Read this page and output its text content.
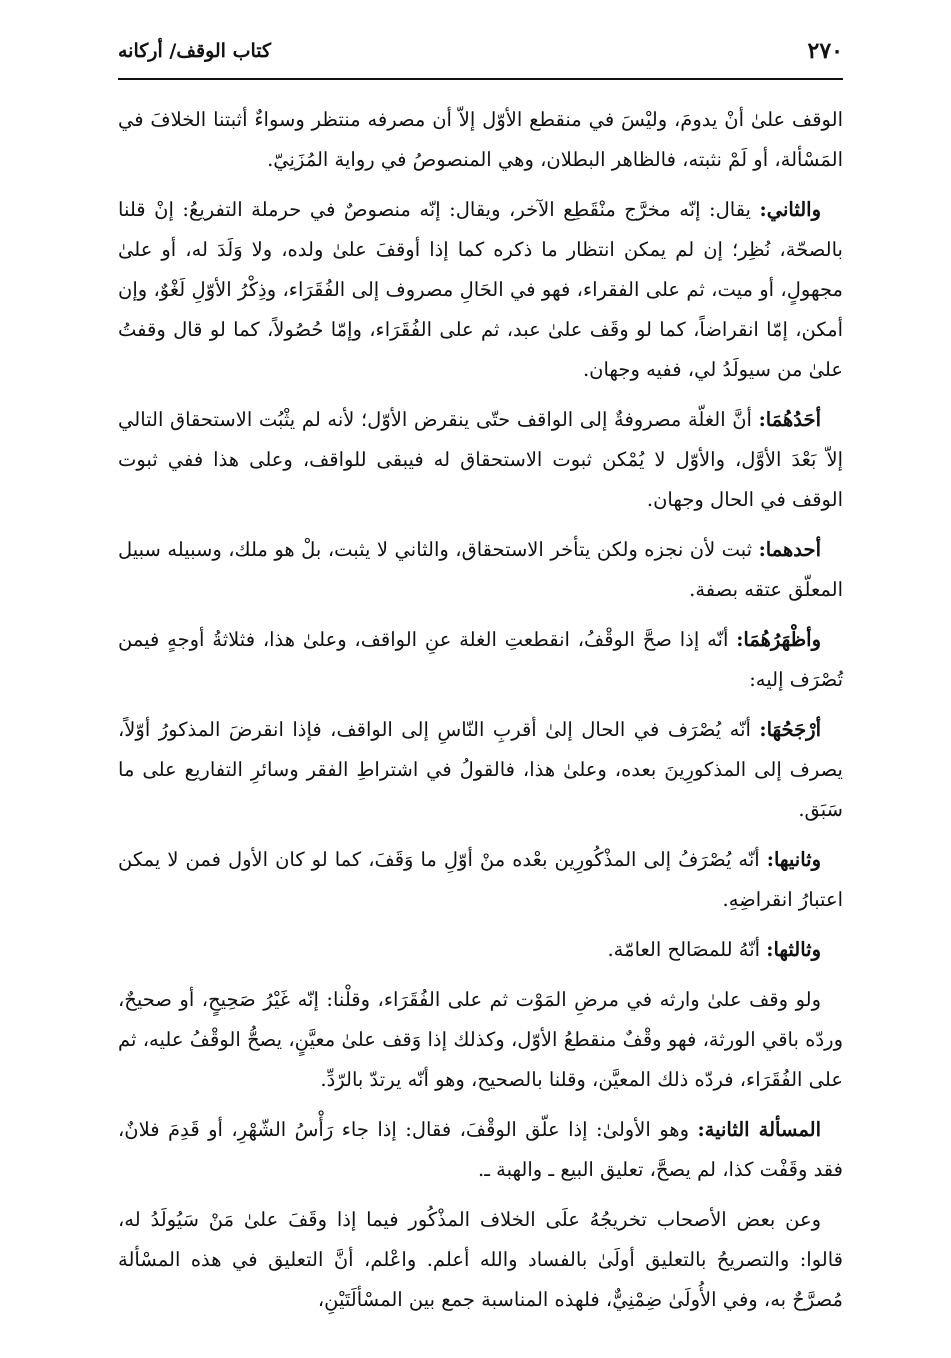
٢٧٠
كتاب الوقف/ أركانه

الوقف علىٰ أنْ يدومَ، وليْسَ في منقطع الأوّل إلاّ أن مصرفه منتظر وسواءٌ أثبتنا الخلافَ في المَسْألة، أو لَمْ نثبته، فالظاهر البطلان، وهي المنصوصُ في رواية المُزَنِيّ.

والثاني: يقال: إنّه مخرَّج منْقَطِع الآخر، ويقال: إنّه منصوصٌ في حرملة التفريعُ: إنْ قلنا بالصحّة، نُظِر؛ إن لم يمكن انتظار ما ذكره كما إذا أوقفَ علىٰ ولده، ولا وَلَدَ له، أو علىٰ مجهولٍ، أو ميت، ثم على الفقراء، فهو في الحَالِ مصروف إلى الفُقَرَاء، وذِكْرُ الأوّلِ لَغْوٌ، وإن أمكن، إمّا انقراضاً، كما لو وقَف علىٰ عبد، ثم على الفُقَرَاء، وإمّا حُصُولاً، كما لو قال وقفتُ علىٰ من سيولَدُ لي، ففيه وجهان.

أحَدُهُمَا: أنَّ الغلّة مصروفةٌ إلى الواقف حتّى ينقرض الأوّل؛ لأنه لم يثْبُت الاستحقاق التالي إلاّ بَعْدَ الأوَّل، والأوّل لا يُمْكن ثبوت الاستحقاق له فيبقى للواقف، وعلى هذا ففي ثبوت الوقف في الحال وجهان.

أحدهما: ثبت لأن نجزه ولكن يتأخر الاستحقاق، والثاني لا يثبت، بلْ هو ملك، وسبيله سبيل المعلّق عتقه بصفة.

وأظْهَرُهُمَا: أنّه إذا صحَّ الوقْفُ، انقطعتِ الغلة عنِ الواقف، وعلىٰ هذا، فثلاثةُ أوجهٍ فيمن تُصْرَف إليه:

أرْجَحُهَا: أنّه يُصْرَف في الحال إلىٰ أقربِ النّاسِ إلى الواقف، فإذا انقرضَ المذكورُ أوّلاً، يصرف إلى المذكورِينَ بعده، وعلىٰ هذا، فالقولُ في اشتراطِ الفقر وسائرِ التفاريع على ما سَبَق.

وثانيها: أنّه يُصْرَفُ إلى المذْكُورِين بعْده منْ أوّلِ ما وَقَفَ، كما لو كان الأول فمن لا يمكن اعتبارُ انقراضِهِ.

وثالثها: أنّهُ للمصَالح العامّة.

ولو وقف علىٰ وارثه في مرضِ المَوْت ثم على الفُقَرَاء، وقلْنا: إنّه غَيْرُ صَحِيحٍ، أو صحيحٌ، وردّه باقي الورثة، فهو وقْفٌ منقطعُ الأوّل، وكذلك إذا وَقف علىٰ معيَّنٍ، يصحُّ الوقْفُ عليه، ثم على الفُقَرَاء، فردّه ذلك المعيَّن، وقلنا بالصحيح، وهو أنّه يرتدّ بالرّدِّ.

المسألة الثانية: وهو الأولىٰ: إذا علّق الوقْفَ، فقال: إذا جاء رَأْسُ الشّهْرِ، أو قَدِمَ فلانٌ، فقد وقَفْت كذا، لم يصحَّ، تعليق البيع ـ والهبة ـ.

وعن بعض الأصحاب تخريجُهُ علَى الخلاف المذْكُور فيما إذا وقَفَ علىٰ مَنْ سَيُولَدُ له، قالوا: والتصريحُ بالتعليق أولَىٰ بالفساد والله أعلم. واعْلم، أنَّ التعليق في هذه المسْألة مُصرَّحٌ به، وفي الأُولَىٰ ضِمْنِيٌّ، فلهذه المناسبة جمع بين المسْألَتَيْنِ،
